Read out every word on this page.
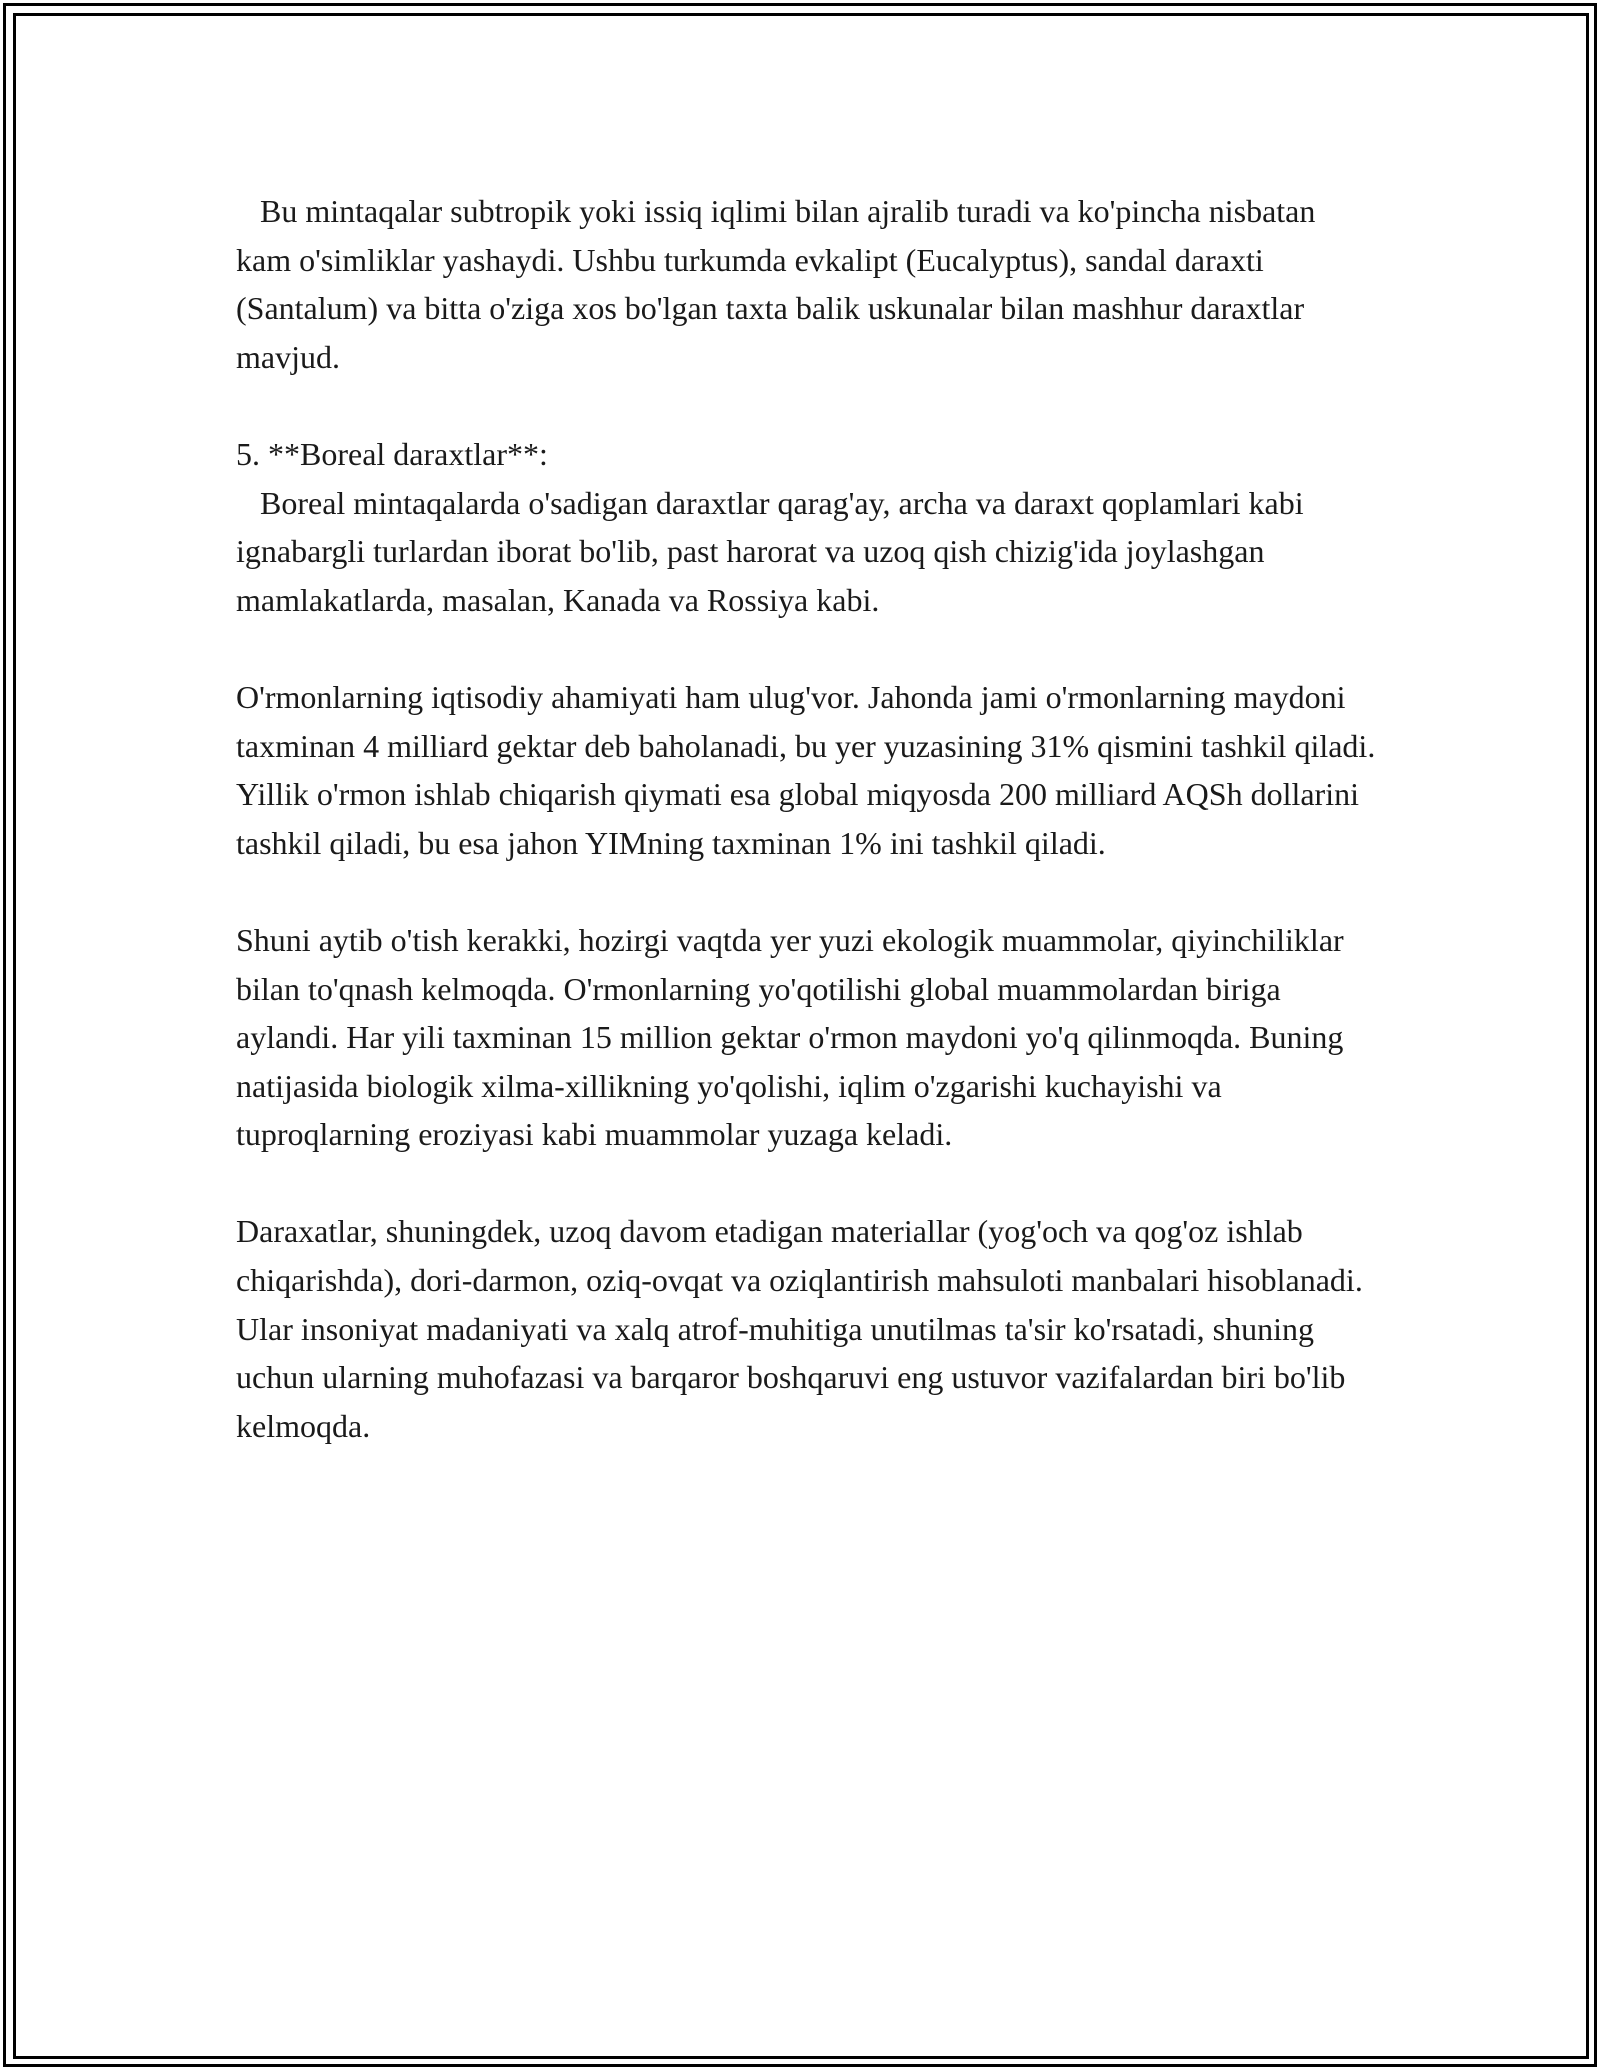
Bu mintaqalar subtropik yoki issiq iqlimi bilan ajralib turadi va ko'pincha nisbatan kam o'simliklar yashaydi. Ushbu turkumda evkalipt (Eucalyptus), sandal daraxti (Santalum) va bitta o'ziga xos bo'lgan taxta balik uskunalar bilan mashhur daraxtlar mavjud.

5. **Boreal daraxtlar**:

Boreal mintaqalarda o'sadigan daraxtlar qarag'ay, archa va daraxt qoplamlari kabi ignabargli turlardan iborat bo'lib, past harorat va uzoq qish chizig'ida joylashgan mamlakatlarda, masalan, Kanada va Rossiya kabi.

O'rmonlarning iqtisodiy ahamiyati ham ulug'vor. Jahonda jami o'rmonlarning maydoni taxminan 4 milliard gektar deb baholanadi, bu yer yuzasining 31% qismini tashkil qiladi. Yillik o'rmon ishlab chiqarish qiymati esa global miqyosda 200 milliard AQSh dollarini tashkil qiladi, bu esa jahon YIMning taxminan 1% ini tashkil qiladi.

Shuni aytib o'tish kerakki, hozirgi vaqtda yer yuzi ekologik muammolar, qiyinchiliklar bilan to'qnash kelmoqda. O'rmonlarning yo'qotilishi global muammolardan biriga aylandi. Har yili taxminan 15 million gektar o'rmon maydoni yo'q qilinmoqda. Buning natijasida biologik xilma-xillikning yo'qolishi, iqlim o'zgarishi kuchayishi va tuproqlarning eroziyasi kabi muammolar yuzaga keladi.

Daraxatlar, shuningdek, uzoq davom etadigan materiallar (yog'och va qog'oz ishlab chiqarishda), dori-darmon, oziq-ovqat va oziqlantirish mahsuloti manbalari hisoblanadi. Ular insoniyat madaniyati va xalq atrof-muhitiga unutilmas ta'sir ko'rsatadi, shuning uchun ularning muhofazasi va barqaror boshqaruvi eng ustuvor vazifalardan biri bo'lib kelmoqda.
